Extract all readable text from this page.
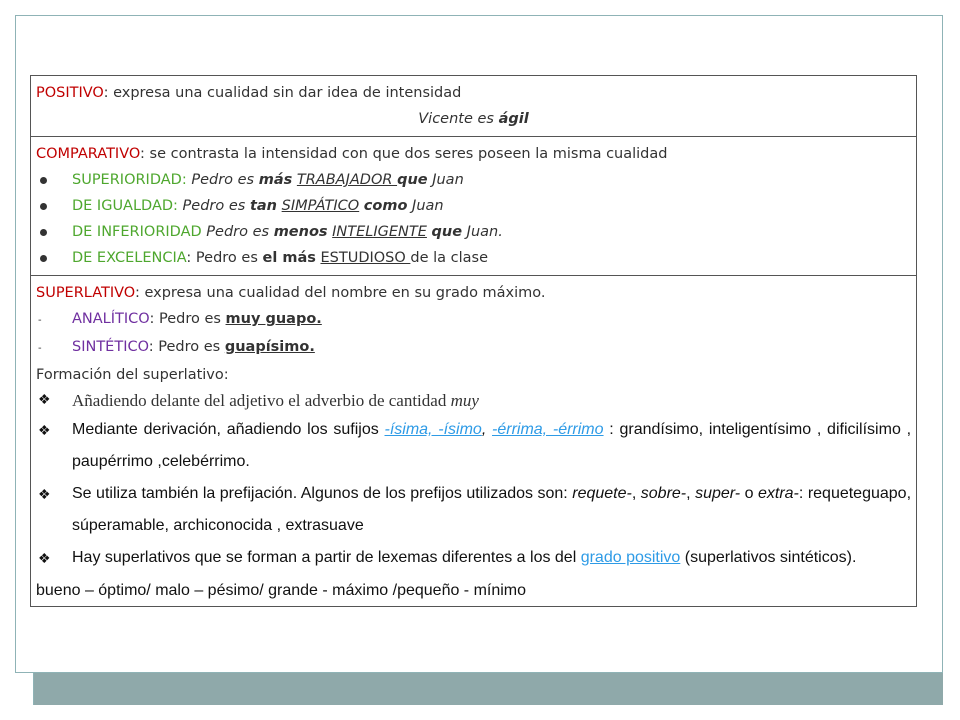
POSITIVO: expresa una cualidad sin dar idea de intensidad
Vicente es ágil

COMPARATIVO: se contrasta la intensidad con que dos seres poseen la misma cualidad
SUPERIORIDAD: Pedro es más TRABAJADOR que Juan
DE IGUALDAD: Pedro es tan SIMPÁTICO como Juan
DE INFERIORIDAD Pedro es menos INTELIGENTE que Juan.
DE EXCELENCIA: Pedro es el más ESTUDIOSO de la clase

SUPERLATIVO: expresa una cualidad del nombre en su grado máximo.
-	ANALÍTICO: Pedro es muy guapo.
-	SINTÉTICO: Pedro es guapísimo.
Formación del superlativo:
❖	Añadiendo delante del adjetivo el adverbio de cantidad muy
❖	Mediante derivación, añadiendo los sufijos -ísima, -ísimo, -érrima, -érrimo : grandísimo, inteligentísimo , dificilísimo , paupérrimo ,celebérrimo.
❖	Se utiliza también la prefijación. Algunos de los prefijos utilizados son: requete-, sobre-, super- o extra-: requeteguapo, súperamable, archiconocida , extrasuave
❖	Hay superlativos que se forman a partir de lexemas diferentes a los del grado positivo (superlativos sintéticos).
bueno – óptimo/ malo – pésimo/ grande - máximo /pequeño - mínimo
